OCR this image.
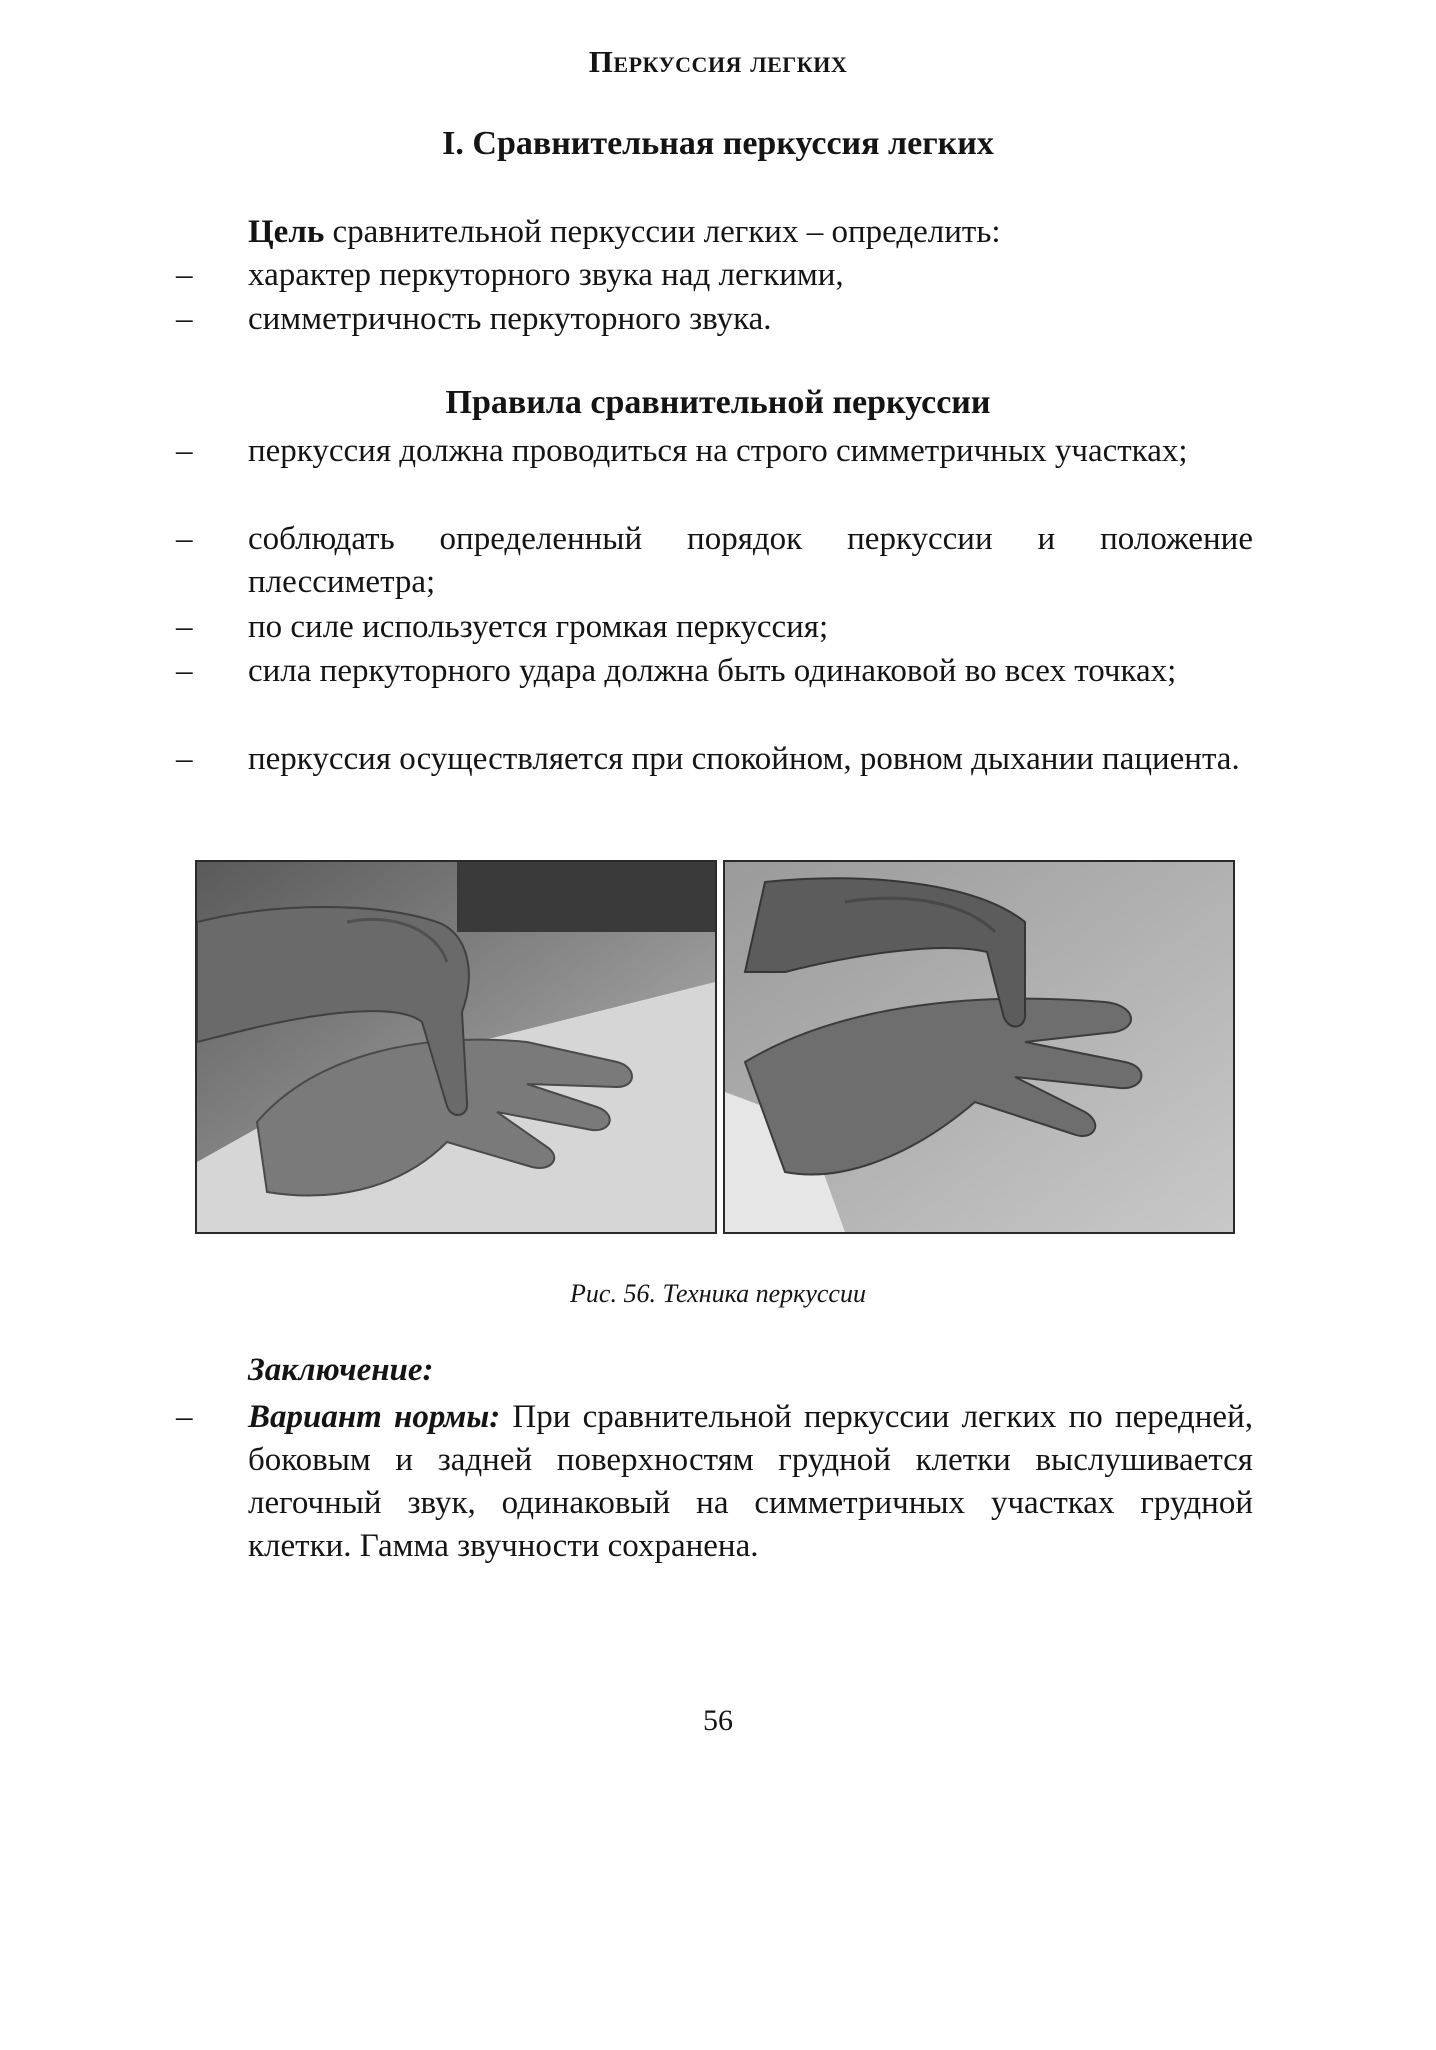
Перкуссия легких
I. Сравнительная перкуссия легких
Цель сравнительной перкуссии легких – определить:
–	характер перкуторного звука над легкими,
–	симметричность перкуторного звука.
Правила сравнительной перкуссии
–	перкуссия должна проводиться на строго симметричных участках;
–	соблюдать определенный порядок перкуссии и положение плессиметра;
–	по силе используется громкая перкуссия;
–	сила перкуторного удара должна быть одинаковой во всех точках;
–	перкуссия осуществляется при спокойном, ровном дыхании пациента.
Рис. 56. Техника перкуссии
Заключение:
–	Вариант нормы: При сравнительной перкуссии легких по передней, боковым и задней поверхностям грудной клетки выслушивается легочный звук, одинаковый на симметричных участках грудной клетки. Гамма звучности сохранена.
56
